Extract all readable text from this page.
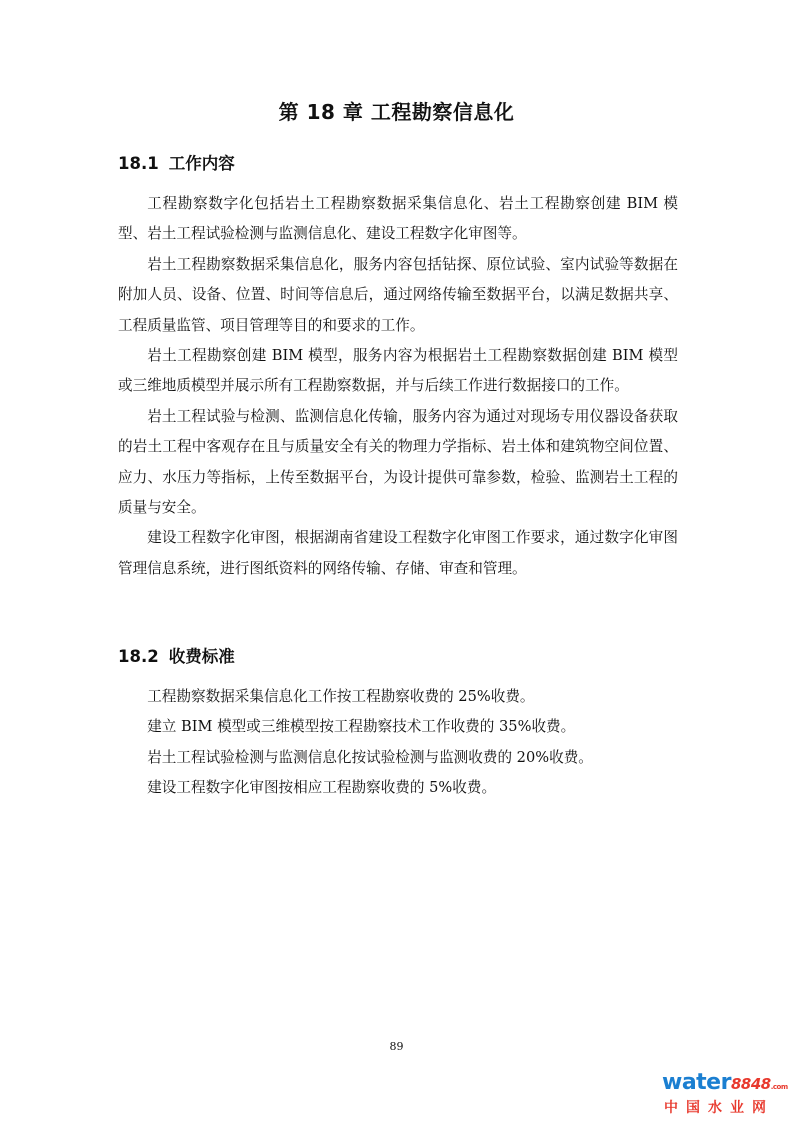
第 18 章 工程勘察信息化
18.1 工作内容

工程勘察数字化包括岩土工程勘察数据采集信息化、岩土工程勘察创建 BIM 模型、岩土工程试验检测与监测信息化、建设工程数字化审图等。

岩土工程勘察数据采集信息化，服务内容包括钻探、原位试验、室内试验等数据在附加人员、设备、位置、时间等信息后，通过网络传输至数据平台，以满足数据共享、工程质量监管、项目管理等目的和要求的工作。

岩土工程勘察创建 BIM 模型，服务内容为根据岩土工程勘察数据创建 BIM 模型或三维地质模型并展示所有工程勘察数据，并与后续工作进行数据接口的工作。

岩土工程试验与检测、监测信息化传输，服务内容为通过对现场专用仪器设备获取的岩土工程中客观存在且与质量安全有关的物理力学指标、岩土体和建筑物空间位置、应力、水压力等指标，上传至数据平台，为设计提供可靠参数，检验、监测岩土工程的质量与安全。

建设工程数字化审图，根据湖南省建设工程数字化审图工作要求，通过数字化审图管理信息系统，进行图纸资料的网络传输、存储、审查和管理。

18.2 收费标准

工程勘察数据采集信息化工作按工程勘察收费的 25%收费。

建立 BIM 模型或三维模型按工程勘察技术工作收费的 35%收费。

岩土工程试验检测与监测信息化按试验检测与监测收费的 20%收费。

建设工程数字化审图按相应工程勘察收费的 5%收费。

89
water8848.com
中国水业网
